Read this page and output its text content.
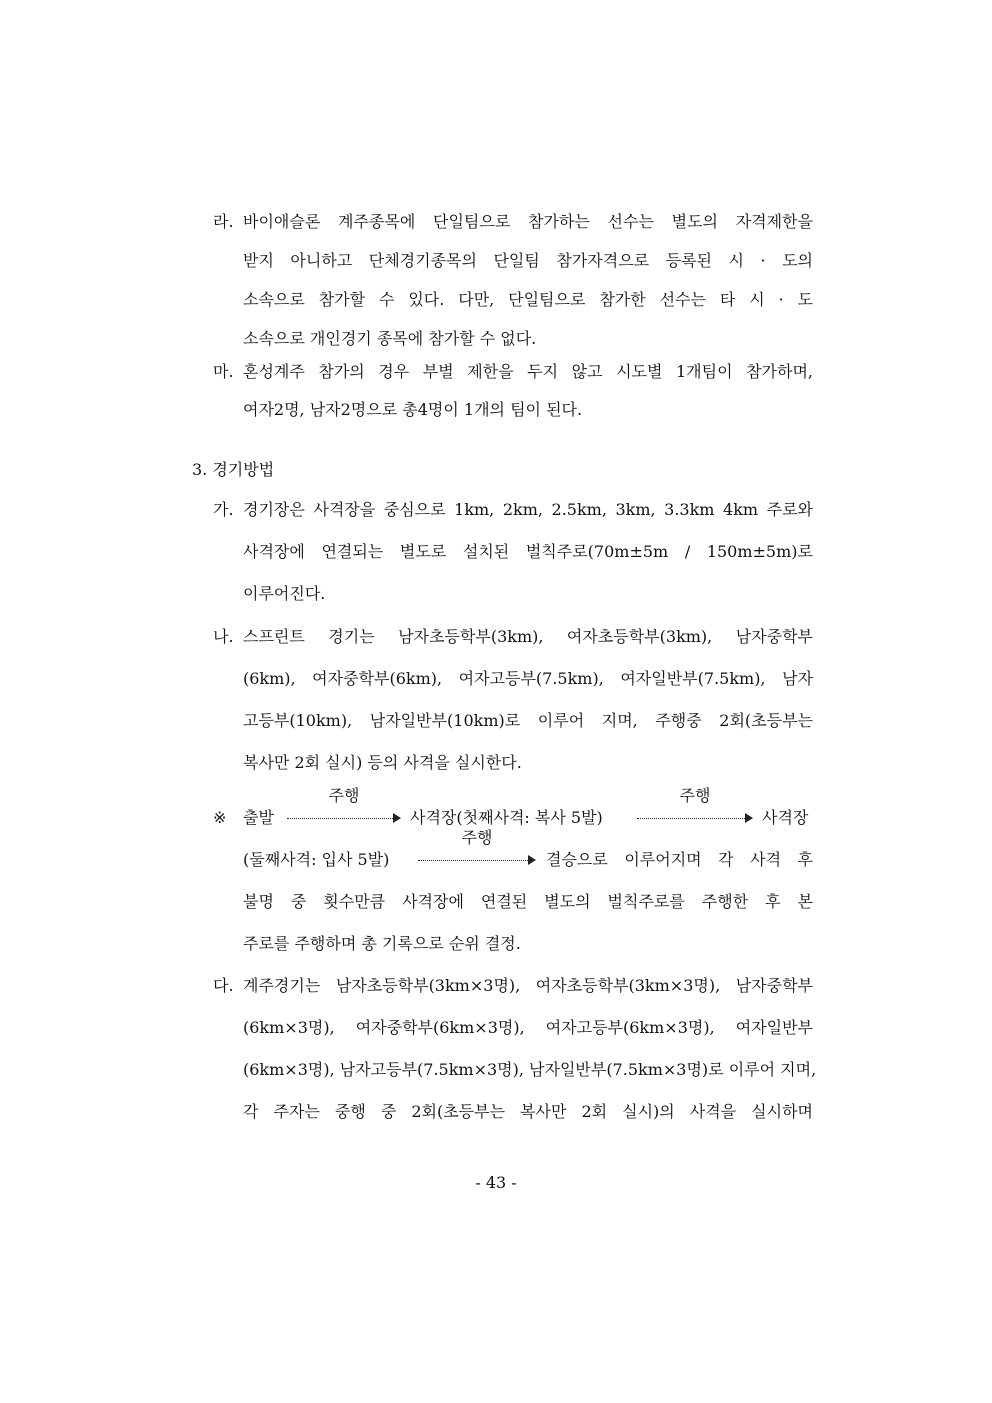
라. 바이애슬론 계주종목에 단일팀으로 참가하는 선수는 별도의 자격제한을
받지 아니하고 단체경기종목의 단일팀 참가자격으로 등록된 시 · 도의
소속으로 참가할 수 있다. 다만, 단일팀으로 참가한 선수는 타 시 · 도
소속으로 개인경기 종목에 참가할 수 없다.
마. 혼성계주 참가의 경우 부별 제한을 두지 않고 시도별 1개팀이 참가하며,
여자2명, 남자2명으로 총4명이 1개의 팀이 된다.
3. 경기방법
가. 경기장은 사격장을 중심으로 1km, 2km, 2.5km, 3km, 3.3km 4km 주로와
사격장에 연결되는 별도로 설치된 벌칙주로(70m±5m / 150m±5m)로
이루어진다.
나. 스프린트 경기는 남자초등학부(3km), 여자초등학부(3km), 남자중학부
(6km), 여자중학부(6km), 여자고등부(7.5km), 여자일반부(7.5km), 남자
고등부(10km), 남자일반부(10km)로 이루어 지며, 주행중 2회(초등부는
복사만 2회 실시) 등의 사격을 실시한다.
※ 출발
주행
사격장(첫째사격: 복사 5발)
주행
사격장
(둘째사격: 입사 5발)
주행
결승으로 이루어지며 각 사격 후
불명 중 횟수만큼 사격장에 연결된 별도의 벌칙주로를 주행한 후 본
주로를 주행하며 총 기록으로 순위 결정.
다. 계주경기는 남자초등학부(3km×3명), 여자초등학부(3km×3명), 남자중학부
(6km×3명), 여자중학부(6km×3명), 여자고등부(6km×3명), 여자일반부
(6km×3명), 남자고등부(7.5km×3명), 남자일반부(7.5km×3명)로 이루어 지며,
각 주자는 중행 중 2회(초등부는 복사만 2회 실시)의 사격을 실시하며
- 43 -
